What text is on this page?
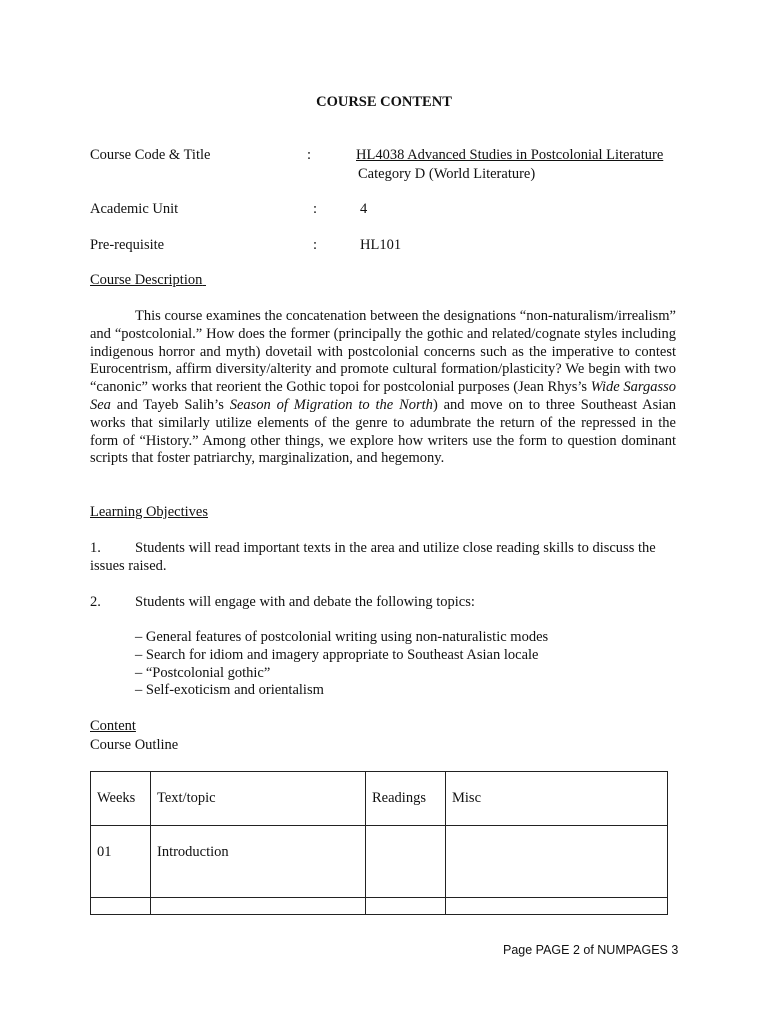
COURSE CONTENT
Course Code & Title	:	HL4038 Advanced Studies in Postcolonial Literature
Category D (World Literature)
Academic Unit	:	4
Pre-requisite	:	HL101
Course Description
This course examines the concatenation between the designations “non-naturalism/irrealism” and “postcolonial.” How does the former (principally the gothic and related/cognate styles including indigenous horror and myth) dovetail with postcolonial concerns such as the imperative to contest Eurocentrism, affirm diversity/alterity and promote cultural formation/plasticity? We begin with two “canonic” works that reorient the Gothic topoi for postcolonial purposes (Jean Rhys’s Wide Sargasso Sea and Tayeb Salih’s Season of Migration to the North) and move on to three Southeast Asian works that similarly utilize elements of the genre to adumbrate the return of the repressed in the form of “History.” Among other things, we explore how writers use the form to question dominant scripts that foster patriarchy, marginalization, and hegemony.
Learning Objectives
1.	Students will read important texts in the area and utilize close reading skills to discuss the issues raised.
2. Students will engage with and debate the following topics:
– General features of postcolonial writing using non-naturalistic modes
– Search for idiom and imagery appropriate to Southeast Asian locale
– “Postcolonial gothic”
– Self-exoticism and orientalism
Content
Course Outline
Weeks	Text/topic	Readings	Misc
01	Introduction		

Page PAGE 2 of NUMPAGES 3
